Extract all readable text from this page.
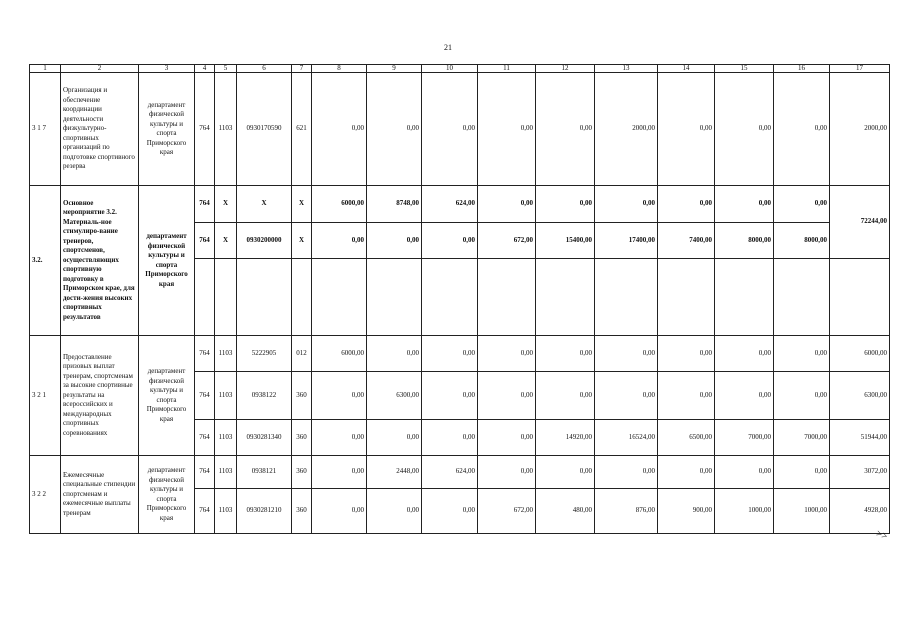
21
1	2	3	4	5	6	7	8	9	10	11	12	13	14	15	16	17
3 1 7	Организация и обеспечение координации деятельности физкультурно-спортивных организаций по подготовке спортивного резерва	департамент физической культуры и спорта Приморского края	764	1103	0930170590	621	0,00	0,00	0,00	0,00	0,00	2000,00	0,00	0,00	0,00	2000,00
3.2.	Основное мероприятие 3.2. Материаль-ное стимулиро-вание тренеров, спортсменов, осуществляющих спортивную подготовку в Приморском крае, для дости-жения высоких спортивных результатов	департамент физической культуры и спорта Приморского края	764	X	X	X	6000,00	8748,00	624,00	0,00	0,00	0,00	0,00	0,00	0,00	72244,00
			764	X	0930200000	X	0,00	0,00	0,00	672,00	15400,00	17400,00	7400,00	8000,00	8000,00	

3 2 1	Предоставление призовых выплат тренерам, спортсменам за высокие спортивные результаты на всероссийских и международных спортивных соревнованиях	департамент физической культуры и спорта Приморского края	764	1103	5222905	012	6000,00	0,00	0,00	0,00	0,00	0,00	0,00	0,00	0,00	6000,00
			764	1103	0938122	360	0,00	6300,00	0,00	0,00	0,00	0,00	0,00	0,00	0,00	6300,00
			764	1103	0930281340	360	0,00	0,00	0,00	0,00	14920,00	16524,00	6500,00	7000,00	7000,00	51944,00
3 2 2	Ежемесячные специальные стипендии спортсменам и ежемесячные выплаты тренерам	департамент физической культуры и спорта Приморского края	764	1103	0938121	360	0,00	2448,00	624,00	0,00	0,00	0,00	0,00	0,00	0,00	3072,00
			764	1103	0930281210	360	0,00	0,00	0,00	672,00	480,00	876,00	900,00	1000,00	1000,00	4928,00
>>
